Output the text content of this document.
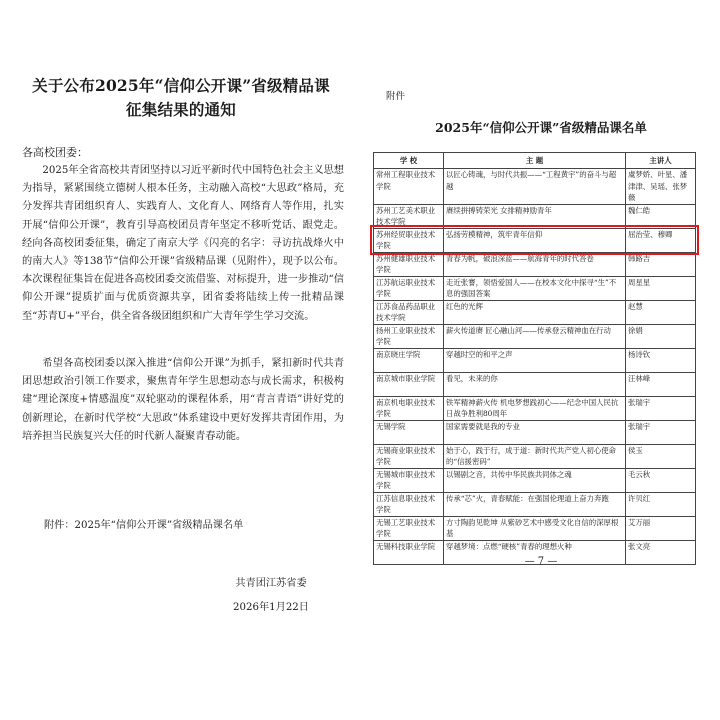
关于公布2025年“信仰公开课”省级精品课
征集结果的通知
各高校团委：

2025年全省高校共青团坚持以习近平新时代中国特色社会主义思想为指导，紧紧围绕立德树人根本任务，主动融入高校“大思政”格局，充分发挥共青团组织育人、实践育人、文化育人、网络育人等作用，扎实开展“信仰公开课”，教育引导高校团员青年坚定不移听党话、跟党走。经向各高校团委征集，确定了南京大学《闪亮的名字：寻访抗战烽火中的南大人》等138节“信仰公开课”省级精品课（见附件），现予以公布。本次课程征集旨在促进各高校团委交流借鉴、对标提升，进一步推动“信仰公开课”提质扩面与优质资源共享，团省委将陆续上传一批精品课至“苏青U+”平台，供全省各级团组织和广大青年学生学习交流。

希望各高校团委以深入推进“信仰公开课”为抓手，紧扣新时代共青团思想政治引领工作要求，聚焦青年学生思想动态与成长需求，积极构建“理论深度+情感温度”双轮驱动的课程体系，用“青言青语”讲好党的创新理论，在新时代学校“大思政”体系建设中更好发挥共青团作用，为培养担当民族复兴大任的时代新人凝聚青春动能。

附件：2025年“信仰公开课”省级精品课名单
共青团江苏省委
2026年1月22日
附件
2025年“信仰公开课”省级精品课名单
学 校	主 题	主讲人
常州工程职业技术学院	以匠心铸魂，与时代共振——“工程黄宇”的奋斗与超越	虞梦娇、叶星、潘津津、吴瑶、张梦薇
苏州工艺美术职业技术学院	赓续拼搏铸荣光 女排精神励青年	魏仁皓
苏州经贸职业技术学院	弘扬劳模精神，筑牢青年信仰	屈治莹、穆卿
苏州健雄职业技术学院	青春为帆，破浪深蓝——航海青年的时代答卷	韩路吉
江苏航运职业技术学院	走近张謇，领悟爱国人——在校本文化中探寻“生”不息的强国答案	周星星
江苏食品药品职业技术学院	红色的光辉	赵慧
扬州工业职业技术学院	薪火传道赓 匠心融山河——传承登云精神血在行动	徐娟
南京晓庄学院	穿越时空的和平之声	杨诗钦
南京城市职业学院	看见，未来的你	汪林峰
南京机电职业技术学院	铁军精神薪火传 机电梦想践初心——纪念中国人民抗日战争胜利80周年	张瑞宇
无锡学院	国家需要就是我的专业	张瑞宇
无锡商业职业技术学院	始于心，践于行，成于道：新时代共产党人初心使命的“信援密码”	侯玉
无锡城市职业技术学院	以锡剧之音，共传中华民族共同体之魂	毛云秋
江苏信息职业技术学院	传承“芯”火，青春赋能：在强国伦理道上奋力奔跑	许贝红
无锡工艺职业技术学院	方寸陶韵见乾坤 从紫砂艺术中感受文化自信的深厚根基	艾万丽
无锡科技职业学院	穿越梦境：点燃“硬核”青春的理想火种	张文亮
— 7 —
